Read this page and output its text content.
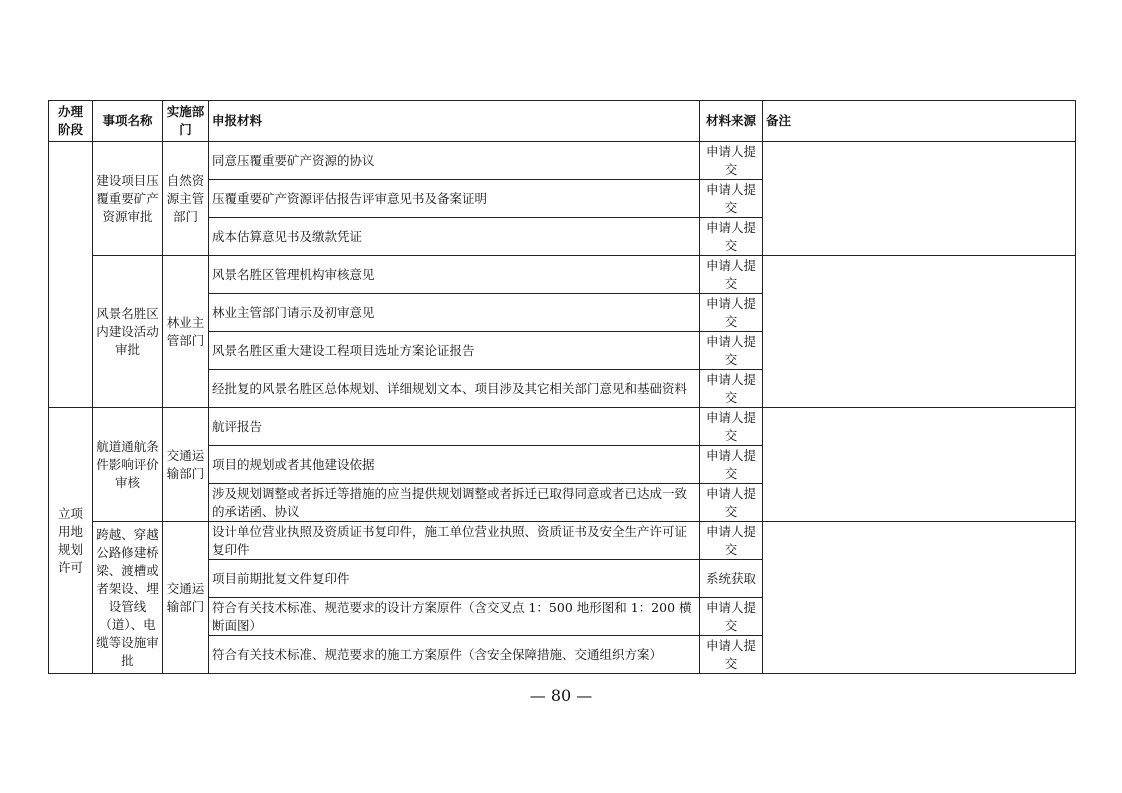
办理阶段	事项名称	实施部门	申报材料	材料来源	备注
	建设项目压覆重要矿产资源审批	自然资源主管部门	同意压覆重要矿产资源的协议	申请人提交	
			压覆重要矿产资源评估报告评审意见书及备案证明	申请人提交	
			成本估算意见书及缴款凭证	申请人提交	
	风景名胜区内建设活动审批	林业主管部门	风景名胜区管理机构审核意见	申请人提交	
			林业主管部门请示及初审意见	申请人提交	
			风景名胜区重大建设工程项目选址方案论证报告	申请人提交	
			经批复的风景名胜区总体规划、详细规划文本、项目涉及其它相关部门意见和基础资料	申请人提交	
立项用地规划许可	航道通航条件影响评价审核	交通运输部门	航评报告	申请人提交	
			项目的规划或者其他建设依据	申请人提交	
			涉及规划调整或者拆迁等措施的应当提供规划调整或者拆迁已取得同意或者已达成一致的承诺函、协议	申请人提交	
	跨越、穿越公路修建桥梁、渡槽或者架设、埋设管线（道）、电缆等设施审批	交通运输部门	设计单位营业执照及资质证书复印件，施工单位营业执照、资质证书及安全生产许可证复印件	申请人提交	
			项目前期批复文件复印件	系统获取	
			符合有关技术标准、规范要求的设计方案原件（含交叉点 1：500 地形图和 1：200 横断面图）	申请人提交	
			符合有关技术标准、规范要求的施工方案原件（含安全保障措施、交通组织方案）	申请人提交	
— 80 —
